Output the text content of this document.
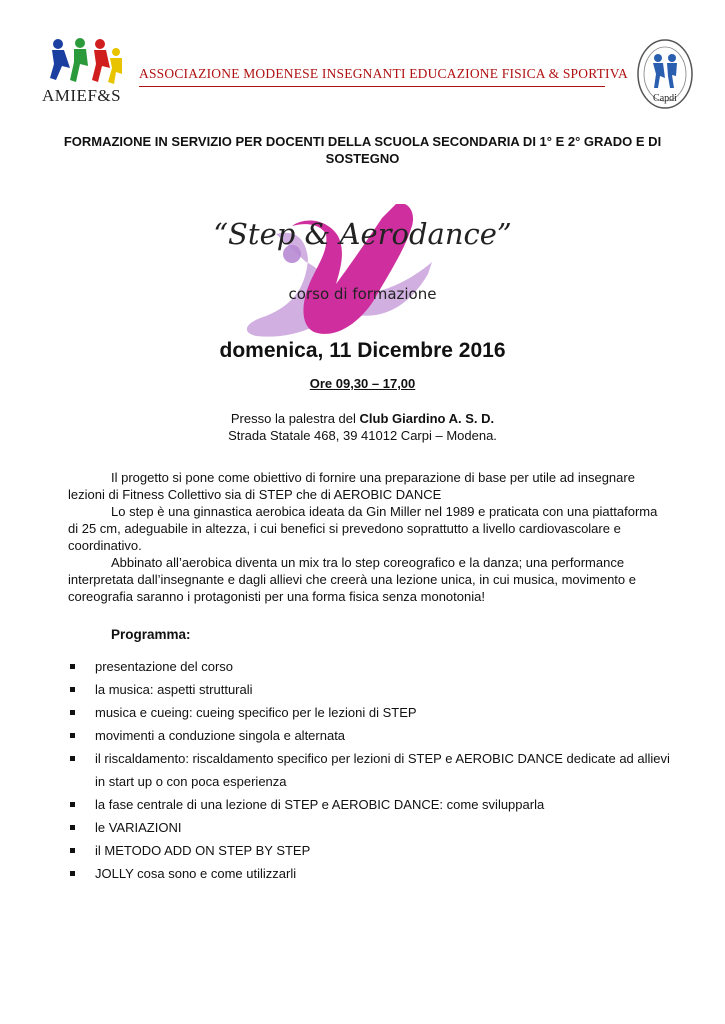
AMIEF&S
ASSOCIAZIONE MODENESE INSEGNANTI EDUCAZIONE FISICA & SPORTIVA
Capdi
FORMAZIONE IN SERVIZIO PER DOCENTI DELLA SCUOLA SECONDARIA DI 1° E 2° GRADO E DI SOSTEGNO
“Step & Aerodance”
corso di formazione
domenica, 11 Dicembre 2016
Ore 09,30 – 17,00
Presso la palestra del Club Giardino A. S. D.
Strada Statale 468, 39 41012 Carpi – Modena.

Il progetto si pone come obiettivo di fornire una preparazione di base per utile ad insegnare lezioni di Fitness Collettivo sia di STEP che di AEROBIC DANCE

Lo step è una ginnastica aerobica ideata da Gin Miller nel 1989 e praticata con una piattaforma di 25 cm, adeguabile in altezza, i cui benefici si prevedono soprattutto a livello cardiovascolare e coordinativo.

Abbinato all’aerobica diventa un mix tra lo step coreografico e la danza; una performance interpretata dall’insegnante e dagli allievi che creerà una lezione unica, in cui musica, movimento e coreografia saranno i protagonisti per una forma fisica senza monotonia!

Programma:
presentazione del corso
la musica: aspetti strutturali
musica e cueing: cueing specifico per le lezioni di STEP
movimenti a conduzione singola e alternata
il riscaldamento: riscaldamento specifico per lezioni di STEP e AEROBIC DANCE dedicate ad allievi in start up o con poca esperienza
la fase centrale di una lezione di STEP e AEROBIC DANCE: come svilupparla
le VARIAZIONI
il METODO ADD ON STEP BY STEP
JOLLY cosa sono e come utilizzarli
